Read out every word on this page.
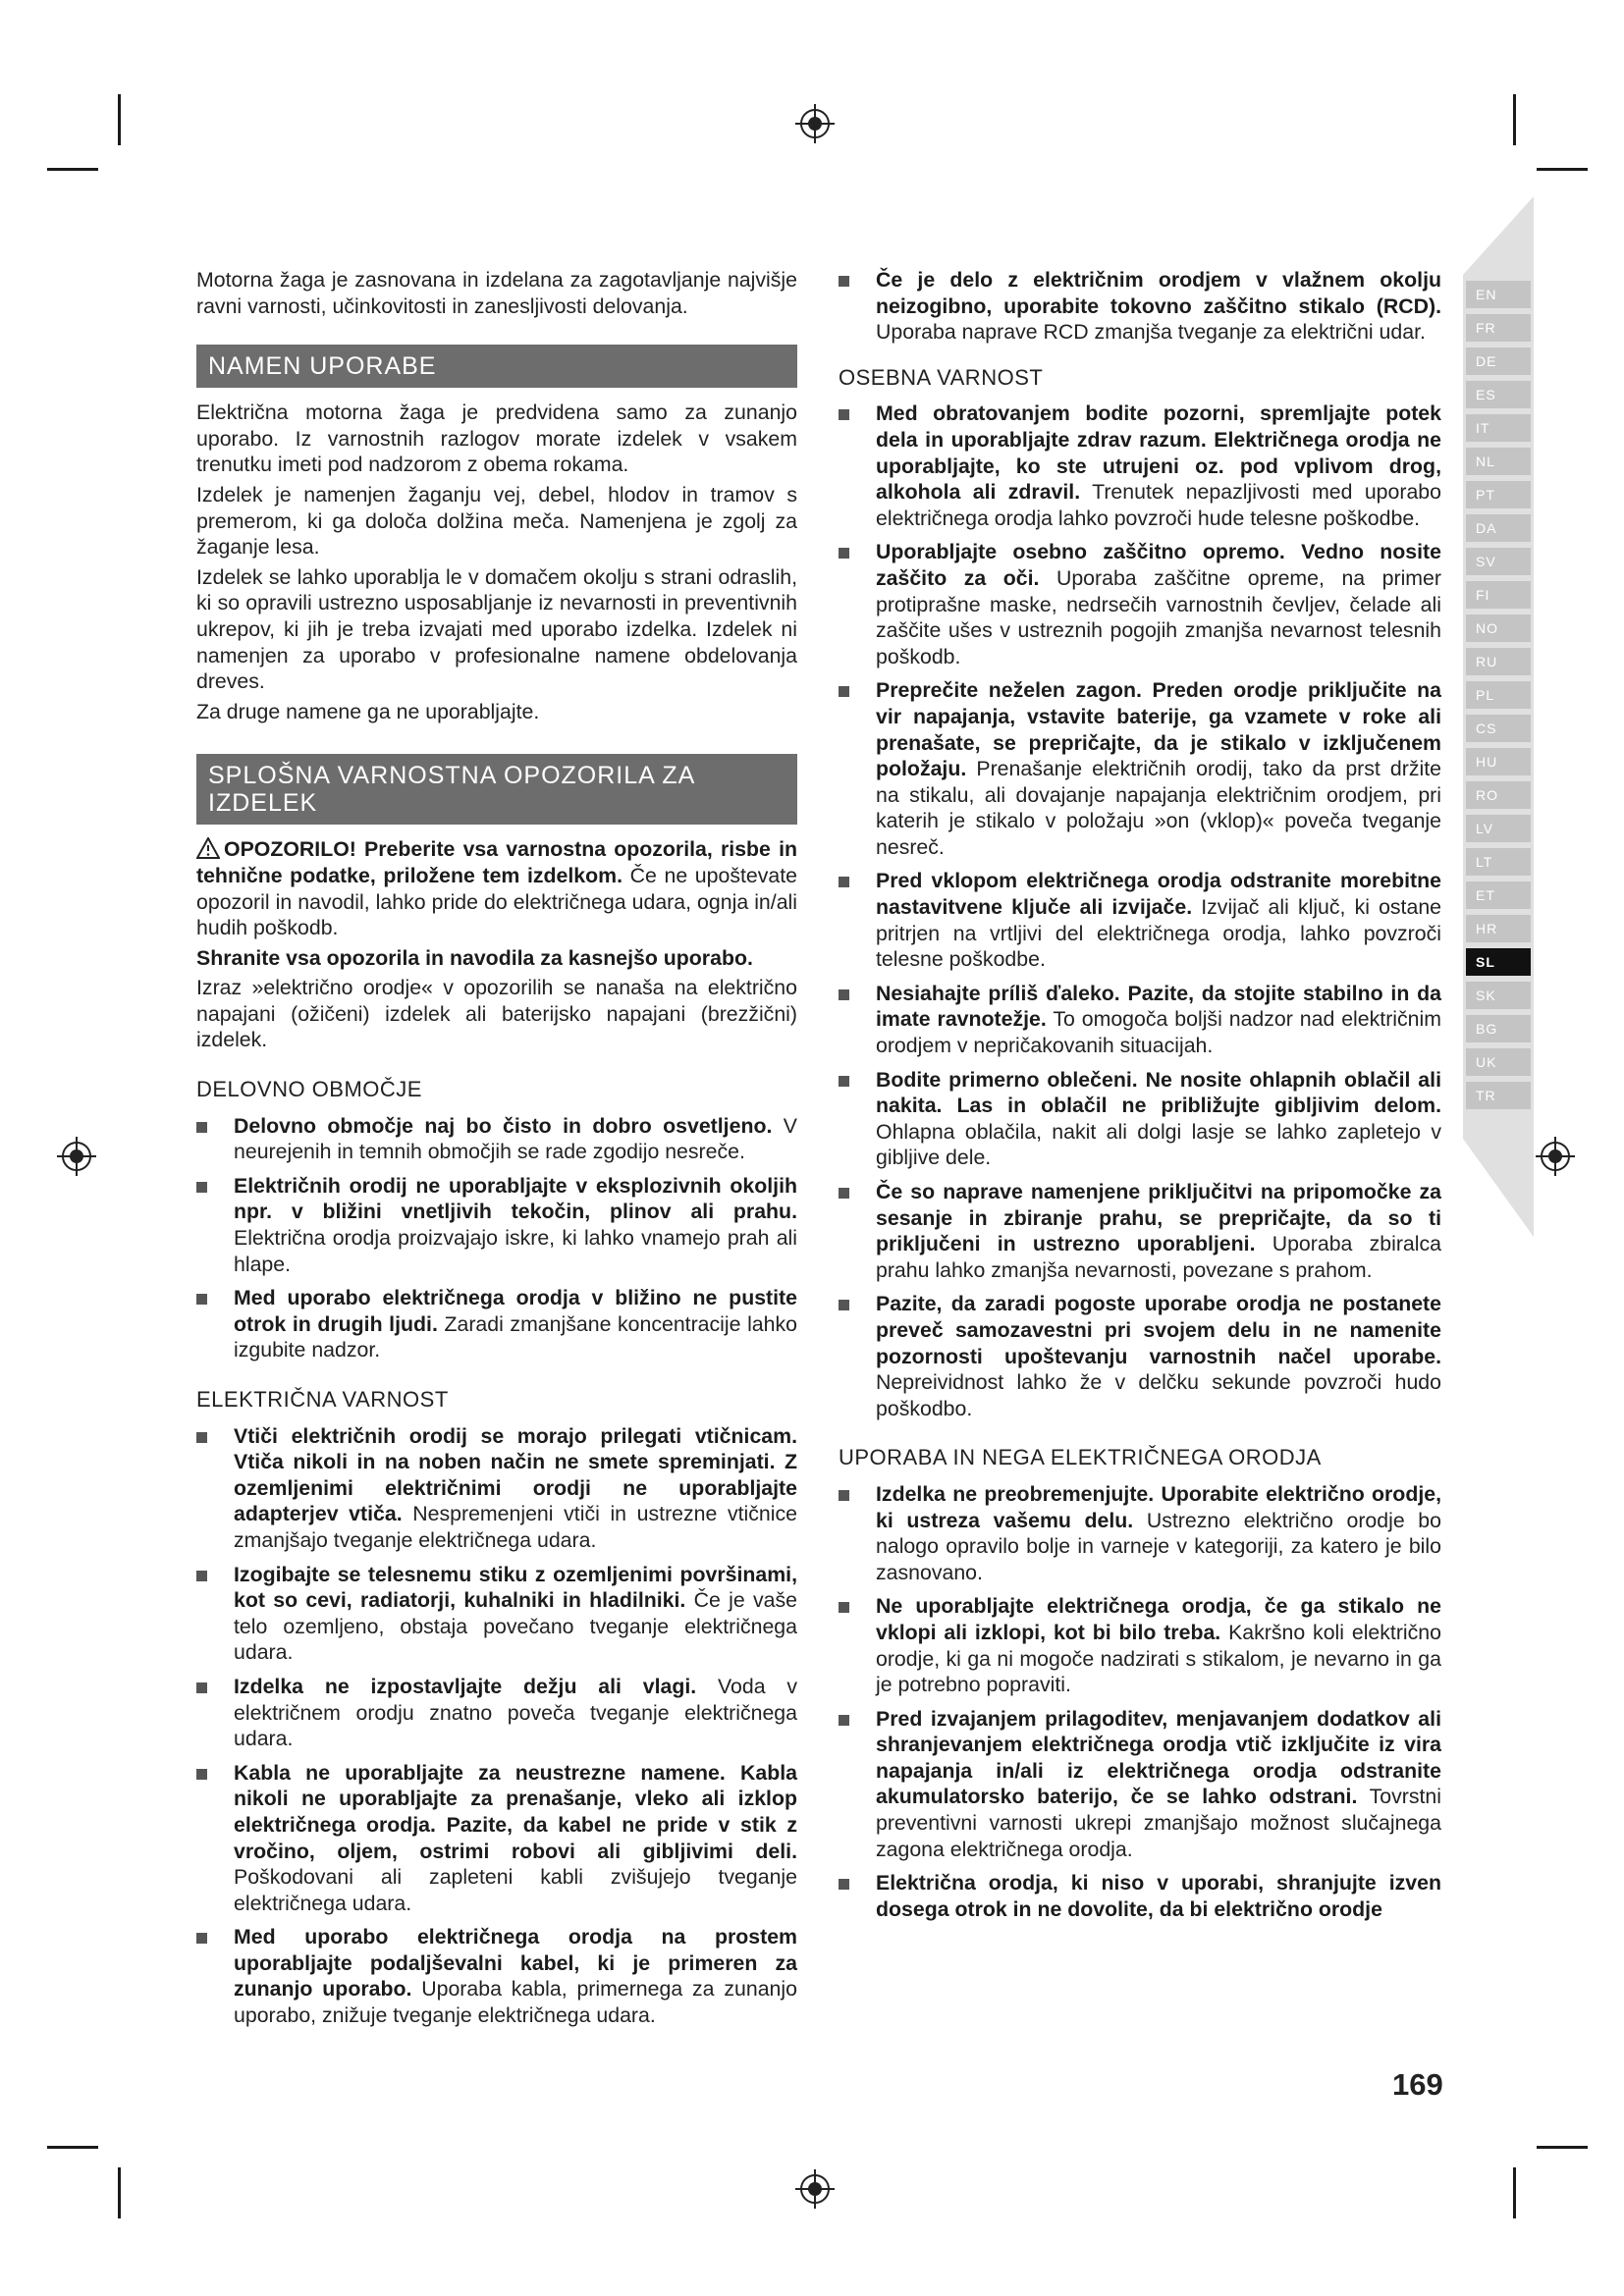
EN
FR
DE
ES
IT
NL
PT
DA
SV
FI
NO
RU
PL
CS
HU
RO
LV
LT
ET
HR
SL
SK
BG
UK
TR

Motorna žaga je zasnovana in izdelana za zagotavljanje najvišje ravni varnosti, učinkovitosti in zanesljivosti delovanja.

NAMEN UPORABE

Električna motorna žaga je predvidena samo za zunanjo uporabo. Iz varnostnih razlogov morate izdelek v vsakem trenutku imeti pod nadzorom z obema rokama.

Izdelek je namenjen žaganju vej, debel, hlodov in tramov s premerom, ki ga določa dolžina meča. Namenjena je zgolj za žaganje lesa.

Izdelek se lahko uporablja le v domačem okolju s strani odraslih, ki so opravili ustrezno usposabljanje iz nevarnosti in preventivnih ukrepov, ki jih je treba izvajati med uporabo izdelka. Izdelek ni namenjen za uporabo v profesionalne namene obdelovanja dreves.

Za druge namene ga ne uporabljajte.

SPLOŠNA VARNOSTNA OPOZORILA ZA IZDELEK

OPOZORILO! Preberite vsa varnostna opozorila, risbe in tehnične podatke, priložene tem izdelkom. Če ne upoštevate opozoril in navodil, lahko pride do električnega udara, ognja in/ali hudih poškodb.

Shranite vsa opozorila in navodila za kasnejšo uporabo.

Izraz »električno orodje« v opozorilih se nanaša na električno napajani (ožičeni) izdelek ali baterijsko napajani (brezžični) izdelek.

DELOVNO OBMOČJE
Delovno območje naj bo čisto in dobro osvetljeno. V neurejenih in temnih območjih se rade zgodijo nesreče.
Električnih orodij ne uporabljajte v eksplozivnih okoljih npr. v bližini vnetljivih tekočin, plinov ali prahu. Električna orodja proizvajajo iskre, ki lahko vnamejo prah ali hlape.
Med uporabo električnega orodja v bližino ne pustite otrok in drugih ljudi. Zaradi zmanjšane koncentracije lahko izgubite nadzor.
ELEKTRIČNA VARNOST
Vtiči električnih orodij se morajo prilegati vtičnicam. Vtiča nikoli in na noben način ne smete spreminjati. Z ozemljenimi električnimi orodji ne uporabljajte adapterjev vtiča. Nespremenjeni vtiči in ustrezne vtičnice zmanjšajo tveganje električnega udara.
Izogibajte se telesnemu stiku z ozemljenimi površinami, kot so cevi, radiatorji, kuhalniki in hladilniki. Če je vaše telo ozemljeno, obstaja povečano tveganje električnega udara.
Izdelka ne izpostavljajte dežju ali vlagi. Voda v električnem orodju znatno poveča tveganje električnega udara.
Kabla ne uporabljajte za neustrezne namene. Kabla nikoli ne uporabljajte za prenašanje, vleko ali izklop električnega orodja. Pazite, da kabel ne pride v stik z vročino, oljem, ostrimi robovi ali gibljivimi deli. Poškodovani ali zapleteni kabli zvišujejo tveganje električnega udara.
Med uporabo električnega orodja na prostem uporabljajte podaljševalni kabel, ki je primeren za zunanjo uporabo. Uporaba kabla, primernega za zunanjo uporabo, znižuje tveganje električnega udara.
Če je delo z električnim orodjem v vlažnem okolju neizogibno, uporabite tokovno zaščitno stikalo (RCD). Uporaba naprave RCD zmanjša tveganje za električni udar.
OSEBNA VARNOST
Med obratovanjem bodite pozorni, spremljajte potek dela in uporabljajte zdrav razum. Električnega orodja ne uporabljajte, ko ste utrujeni oz. pod vplivom drog, alkohola ali zdravil. Trenutek nepazljivosti med uporabo električnega orodja lahko povzroči hude telesne poškodbe.
Uporabljajte osebno zaščitno opremo. Vedno nosite zaščito za oči. Uporaba zaščitne opreme, na primer protiprašne maske, nedrsečih varnostnih čevljev, čelade ali zaščite ušes v ustreznih pogojih zmanjša nevarnost telesnih poškodb.
Preprečite neželen zagon. Preden orodje priključite na vir napajanja, vstavite baterije, ga vzamete v roke ali prenašate, se prepričajte, da je stikalo v izključenem položaju. Prenašanje električnih orodij, tako da prst držite na stikalu, ali dovajanje napajanja električnim orodjem, pri katerih je stikalo v položaju »on (vklop)« poveča tveganje nesreč.
Pred vklopom električnega orodja odstranite morebitne nastavitvene ključe ali izvijače. Izvijač ali ključ, ki ostane pritrjen na vrtljivi del električnega orodja, lahko povzroči telesne poškodbe.
Nesiahajte príliš ďaleko. Pazite, da stojite stabilno in da imate ravnotežje. To omogoča boljši nadzor nad električnim orodjem v nepričakovanih situacijah.
Bodite primerno oblečeni. Ne nosite ohlapnih oblačil ali nakita. Las in oblačil ne približujte gibljivim delom. Ohlapna oblačila, nakit ali dolgi lasje se lahko zapletejo v gibljive dele.
Če so naprave namenjene priključitvi na pripomočke za sesanje in zbiranje prahu, se prepričajte, da so ti priključeni in ustrezno uporabljeni. Uporaba zbiralca prahu lahko zmanjša nevarnosti, povezane s prahom.
Pazite, da zaradi pogoste uporabe orodja ne postanete preveč samozavestni pri svojem delu in ne namenite pozornosti upoštevanju varnostnih načel uporabe. Nepreividnost lahko že v delčku sekunde povzroči hudo poškodbo.
UPORABA IN NEGA ELEKTRIČNEGA ORODJA
Izdelka ne preobremenjujte. Uporabite električno orodje, ki ustreza vašemu delu. Ustrezno električno orodje bo nalogo opravilo bolje in varneje v kategoriji, za katero je bilo zasnovano.
Ne uporabljajte električnega orodja, če ga stikalo ne vklopi ali izklopi, kot bi bilo treba. Kakršno koli električno orodje, ki ga ni mogoče nadzirati s stikalom, je nevarno in ga je potrebno popraviti.
Pred izvajanjem prilagoditev, menjavanjem dodatkov ali shranjevanjem električnega orodja vtič izključite iz vira napajanja in/ali iz električnega orodja odstranite akumulatorsko baterijo, če se lahko odstrani. Tovrstni preventivni varnosti ukrepi zmanjšajo možnost slučajnega zagona električnega orodja.
Električna orodja, ki niso v uporabi, shranjujte izven dosega otrok in ne dovolite, da bi električno orodje
169
